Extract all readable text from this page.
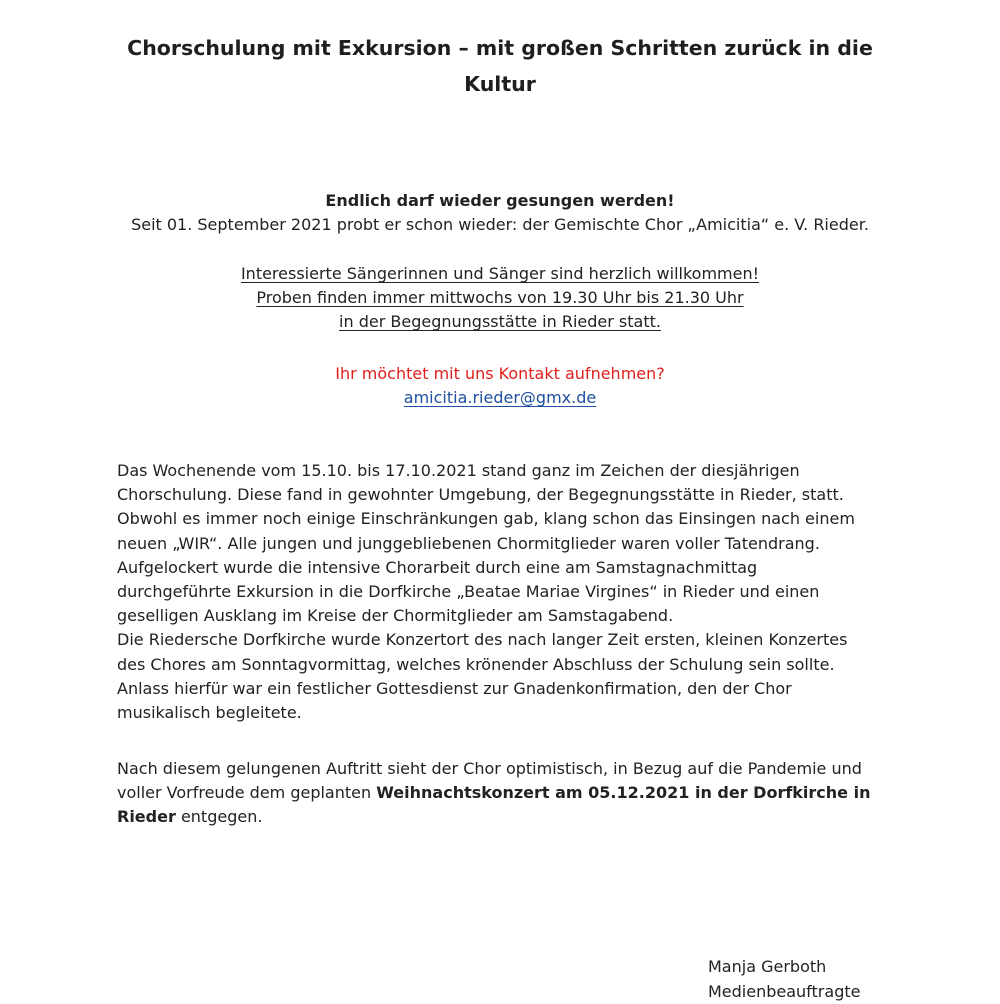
Chorschulung mit Exkursion – mit großen Schritten zurück in die
Kultur
Endlich darf wieder gesungen werden!
Seit 01. September 2021 probt er schon wieder: der Gemischte Chor „Amicitia“ e. V. Rieder.
Interessierte Sängerinnen und Sänger sind herzlich willkommen!
Proben finden immer mittwochs von 19.30 Uhr bis 21.30 Uhr
in der Begegnungsstätte in Rieder statt.
Ihr möchtet mit uns Kontakt aufnehmen?
amicitia.rieder@gmx.de
Das Wochenende vom 15.10. bis 17.10.2021 stand ganz im Zeichen der diesjährigen
Chorschulung. Diese fand in gewohnter Umgebung, der Begegnungsstätte in Rieder, statt.
Obwohl es immer noch einige Einschränkungen gab, klang schon das Einsingen nach einem
neuen „WIR“. Alle jungen und junggebliebenen Chormitglieder waren voller Tatendrang.
Aufgelockert wurde die intensive Chorarbeit durch eine am Samstagnachmittag
durchgeführte Exkursion in die Dorfkirche „Beatae Mariae Virgines“ in Rieder und einen
geselligen Ausklang im Kreise der Chormitglieder am Samstagabend.
Die Riedersche Dorfkirche wurde Konzertort des nach langer Zeit ersten, kleinen Konzertes
des Chores am Sonntagvormittag, welches krönender Abschluss der Schulung sein sollte.
Anlass hierfür war ein festlicher Gottesdienst zur Gnadenkonfirmation, den der Chor
musikalisch begleitete.
Nach diesem gelungenen Auftritt sieht der Chor optimistisch, in Bezug auf die Pandemie und
voller Vorfreude dem geplanten Weihnachtskonzert am 05.12.2021 in der Dorfkirche in
Rieder entgegen.
Manja Gerboth
Medienbeauftragte
